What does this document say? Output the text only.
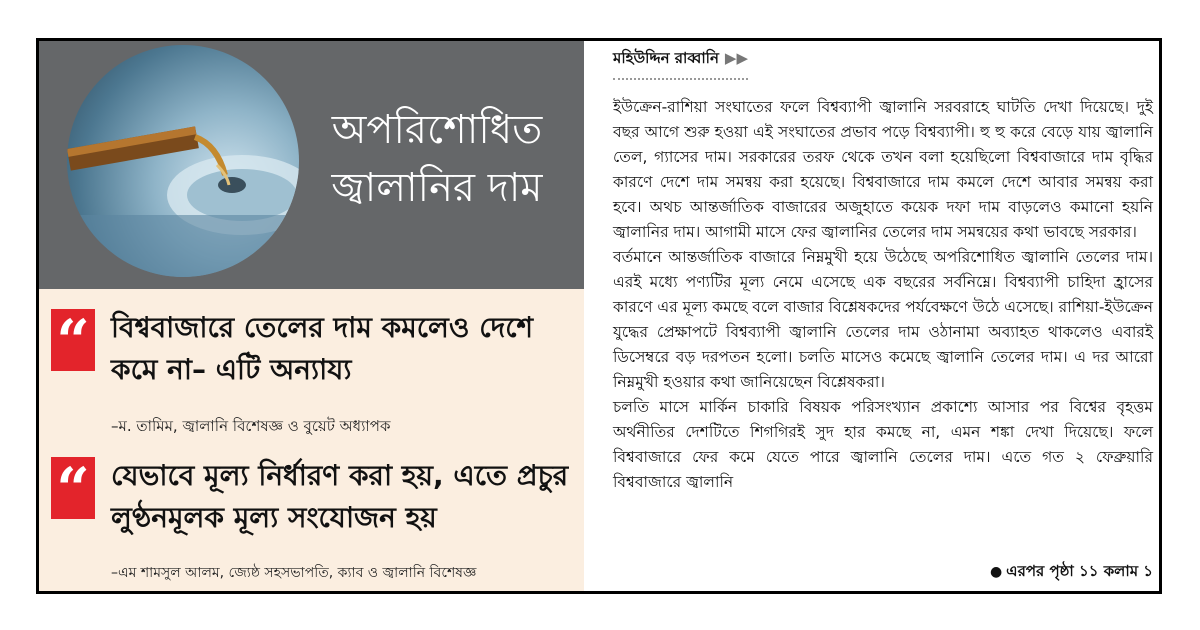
অপরিশোধিত জ্বালানির দাম
“ বিশ্ববাজারে তেলের দাম কমলেও দেশে কমে না– এটি অন্যায্য
–ম. তামিম, জ্বালানি বিশেষজ্ঞ ও বুয়েট অধ্যাপক
“ যেভাবে মূল্য নির্ধারণ করা হয়, এতে প্রচুর লুণ্ঠনমূলক মূল্য সংযোজন হয়
–এম শামসুল আলম, জ্যেষ্ঠ সহসভাপতি, ক্যাব ও জ্বালানি বিশেষজ্ঞ
মহিউদ্দিন রাব্বানি ▶▶

ইউক্রেন-রাশিয়া সংঘাতের ফলে বিশ্বব্যাপী জ্বালানি সরবরাহে ঘাটতি দেখা দিয়েছে। দুই বছর আগে শুরু হওয়া এই সংঘাতের প্রভাব পড়ে বিশ্বব্যাপী। হু হু করে বেড়ে যায় জ্বালানি তেল, গ্যাসের দাম। সরকারের তরফ থেকে তখন বলা হয়েছিলো বিশ্ববাজারে দাম বৃদ্ধির কারণে দেশে দাম সমন্বয় করা হয়েছে। বিশ্ববাজারে দাম কমলে দেশে আবার সমন্বয় করা হবে। অথচ আন্তর্জাতিক বাজারের অজুহাতে কয়েক দফা দাম বাড়লেও কমানো হয়নি জ্বালানির দাম। আগামী মাসে ফের জ্বালানির তেলের দাম সমন্বয়ের কথা ভাবছে সরকার।

বর্তমানে আন্তর্জাতিক বাজারে নিম্নমুখী হয়ে উঠেছে অপরিশোধিত জ্বালানি তেলের দাম। এরই মধ্যে পণ্যটির মূল্য নেমে এসেছে এক বছরের সর্বনিম্নে। বিশ্বব্যাপী চাহিদা হ্রাসের কারণে এর মূল্য কমছে বলে বাজার বিশ্লেষকদের পর্যবেক্ষণে উঠে এসেছে। রাশিয়া-ইউক্রেন যুদ্ধের প্রেক্ষাপটে বিশ্বব্যাপী জ্বালানি তেলের দাম ওঠানামা অব্যাহত থাকলেও এবারই ডিসেম্বরে বড় দরপতন হলো। চলতি মাসেও কমেছে জ্বালানি তেলের দাম। এ দর আরো নিম্নমুখী হওয়ার কথা জানিয়েছেন বিশ্লেষকরা।

চলতি মাসে মার্কিন চাকারি বিষয়ক পরিসংখ্যান প্রকাশ্যে আসার পর বিশ্বের বৃহত্তম অর্থনীতির দেশটিতে শিগগিরই সুদ হার কমছে না, এমন শঙ্কা দেখা দিয়েছে। ফলে বিশ্ববাজারে ফের কমে যেতে পারে জ্বালানি তেলের দাম। এতে গত ২ ফেব্রুয়ারি বিশ্ববাজারে জ্বালানি

● এরপর পৃষ্ঠা ১১ কলাম ১
